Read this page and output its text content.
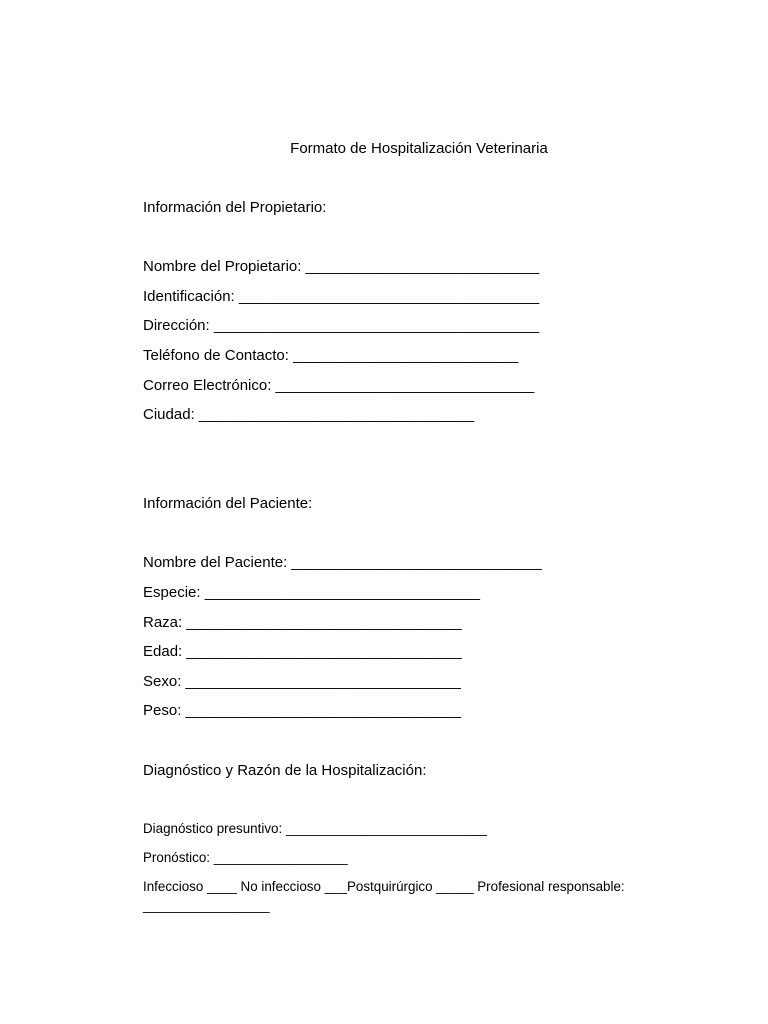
Formato de Hospitalización Veterinaria
Información del Propietario:
Nombre del Propietario: ____________________________
Identificación: ____________________________________
Dirección: _______________________________________
Teléfono de Contacto: ___________________________
Correo Electrónico: _______________________________
Ciudad: _________________________________
Información del Paciente:
Nombre del Paciente: ______________________________
Especie: _________________________________
Raza: _________________________________
Edad: _________________________________
Sexo: _________________________________
Peso: _________________________________
Diagnóstico y Razón de la Hospitalización:
Diagnóstico presuntivo: ___________________________
Pronóstico: __________________
Infeccioso ____ No infeccioso ___Postquirúrgico _____ Profesional responsable:
_________________
